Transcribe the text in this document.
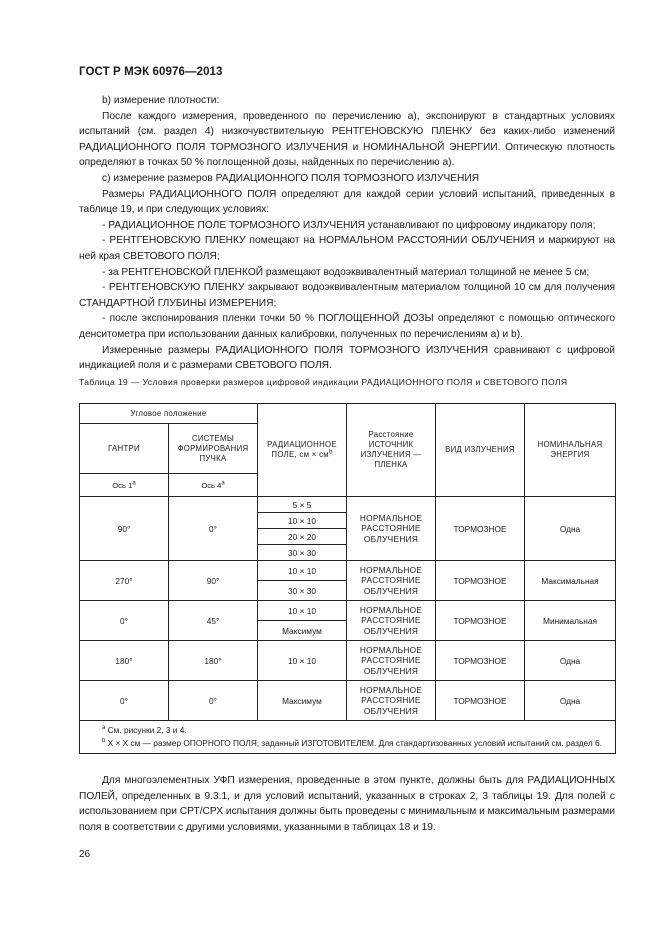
ГОСТ Р МЭК 60976—2013

b) измерение плотности:

После каждого измерения, проведенного по перечислению а), экспонируют в стандартных условиях испытаний (см. раздел 4) низкочувствительную РЕНТГЕНОВСКУЮ ПЛЕНКУ без каких-либо изменений РАДИАЦИОННОГО ПОЛЯ ТОРМОЗНОГО ИЗЛУЧЕНИЯ и НОМИНАЛЬНОЙ ЭНЕРГИИ. Оптическую плотность определяют в точках 50 % поглощенной дозы, найденных по перечислению а).

с) измерение размеров РАДИАЦИОННОГО ПОЛЯ ТОРМОЗНОГО ИЗЛУЧЕНИЯ

Размеры РАДИАЦИОННОГО ПОЛЯ определяют для каждой серии условий испытаний, приведенных в таблице 19, и при следующих условиях:

- РАДИАЦИОННОЕ ПОЛЕ ТОРМОЗНОГО ИЗЛУЧЕНИЯ устанавливают по цифровому индикатору поля;

- РЕНТГЕНОВСКУЮ ПЛЕНКУ помещают на НОРМАЛЬНОМ РАССТОЯНИИ ОБЛУЧЕНИЯ и маркируют на ней края СВЕТОВОГО ПОЛЯ;

- за РЕНТГЕНОВСКОЙ ПЛЕНКОЙ размещают водоэквивалентный материал толщиной не менее 5 см;

- РЕНТГЕНОВСКУЮ ПЛЕНКУ закрывают водоэквивалентным материалом толщиной 10 см для получения СТАНДАРТНОЙ ГЛУБИНЫ ИЗМЕРЕНИЯ;

- после экспонирования пленки точки 50 % ПОГЛОЩЕННОЙ ДОЗЫ определяют с помощью оптического денситометра при использовании данных калибровки, полученных по перечислениям а) и b).

Измеренные размеры РАДИАЦИОННОГО ПОЛЯ ТОРМОЗНОГО ИЗЛУЧЕНИЯ сравнивают с цифровой индикацией поля и с размерами СВЕТОВОГО ПОЛЯ.

Таблица 19 — Условия проверки размеров цифровой индикации РАДИАЦИОННОГО ПОЛЯ и СВЕТОВОГО ПОЛЯ
Угловое положение		РАДИАЦИОННОЕ ПОЛЕ, см × $см^b$	Расстояние ИСТОЧНИК ИЗЛУЧЕНИЯ — ПЛЕНКА	ВИД ИЗЛУЧЕНИЯ	НОМИНАЛЬНАЯ ЭНЕРГИЯ
ГАНТРИ	СИСТЕМЫ ФОРМИРОВАНИЯ ПУЧКА				
Ось 1$^a$	Ось 4$^a$
90°	0°	5 × 5	НОРМАЛЬНОЕ РАССТОЯНИЕ ОБЛУЧЕНИЯ	ТОРМОЗНОЕ	Одна
		10 × 10			
		20 × 20			
		30 × 30			
270°	90°	10 × 10	НОРМАЛЬНОЕ РАССТОЯНИЕ ОБЛУЧЕНИЯ	ТОРМОЗНОЕ	Максимальная
		30 × 30			
0°	45°	10 × 10	НОРМАЛЬНОЕ РАССТОЯНИЕ ОБЛУЧЕНИЯ	ТОРМОЗНОЕ	Минимальная
		Максимум			
180°	180°	10 × 10	НОРМАЛЬНОЕ РАССТОЯНИЕ ОБЛУЧЕНИЯ	ТОРМОЗНОЕ	Одна
0°	0°	Максимум	НОРМАЛЬНОЕ РАССТОЯНИЕ ОБЛУЧЕНИЯ	ТОРМОЗНОЕ	Одна

$^a$ См. рисунки 2, 3 и 4.
$^b$ X × X см — размер ОПОРНОГО ПОЛЯ, заданный ИЗГОТОВИТЕЛЕМ. Для стандартизованных условий испытаний см. раздел 6.					

Для многоэлементных УФП измерения, проведенные в этом пункте, должны быть для РАДИАЦИОННЫХ ПОЛЕЙ, определенных в 9.3.1, и для условий испытаний, указанных в строках 2, 3 таблицы 19. Для полей с использованием при СРТ/СРХ испытания должны быть проведены с минимальным и максимальным размерами поля в соответствии с другими условиями, указанными в таблицах 18 и 19.

26
